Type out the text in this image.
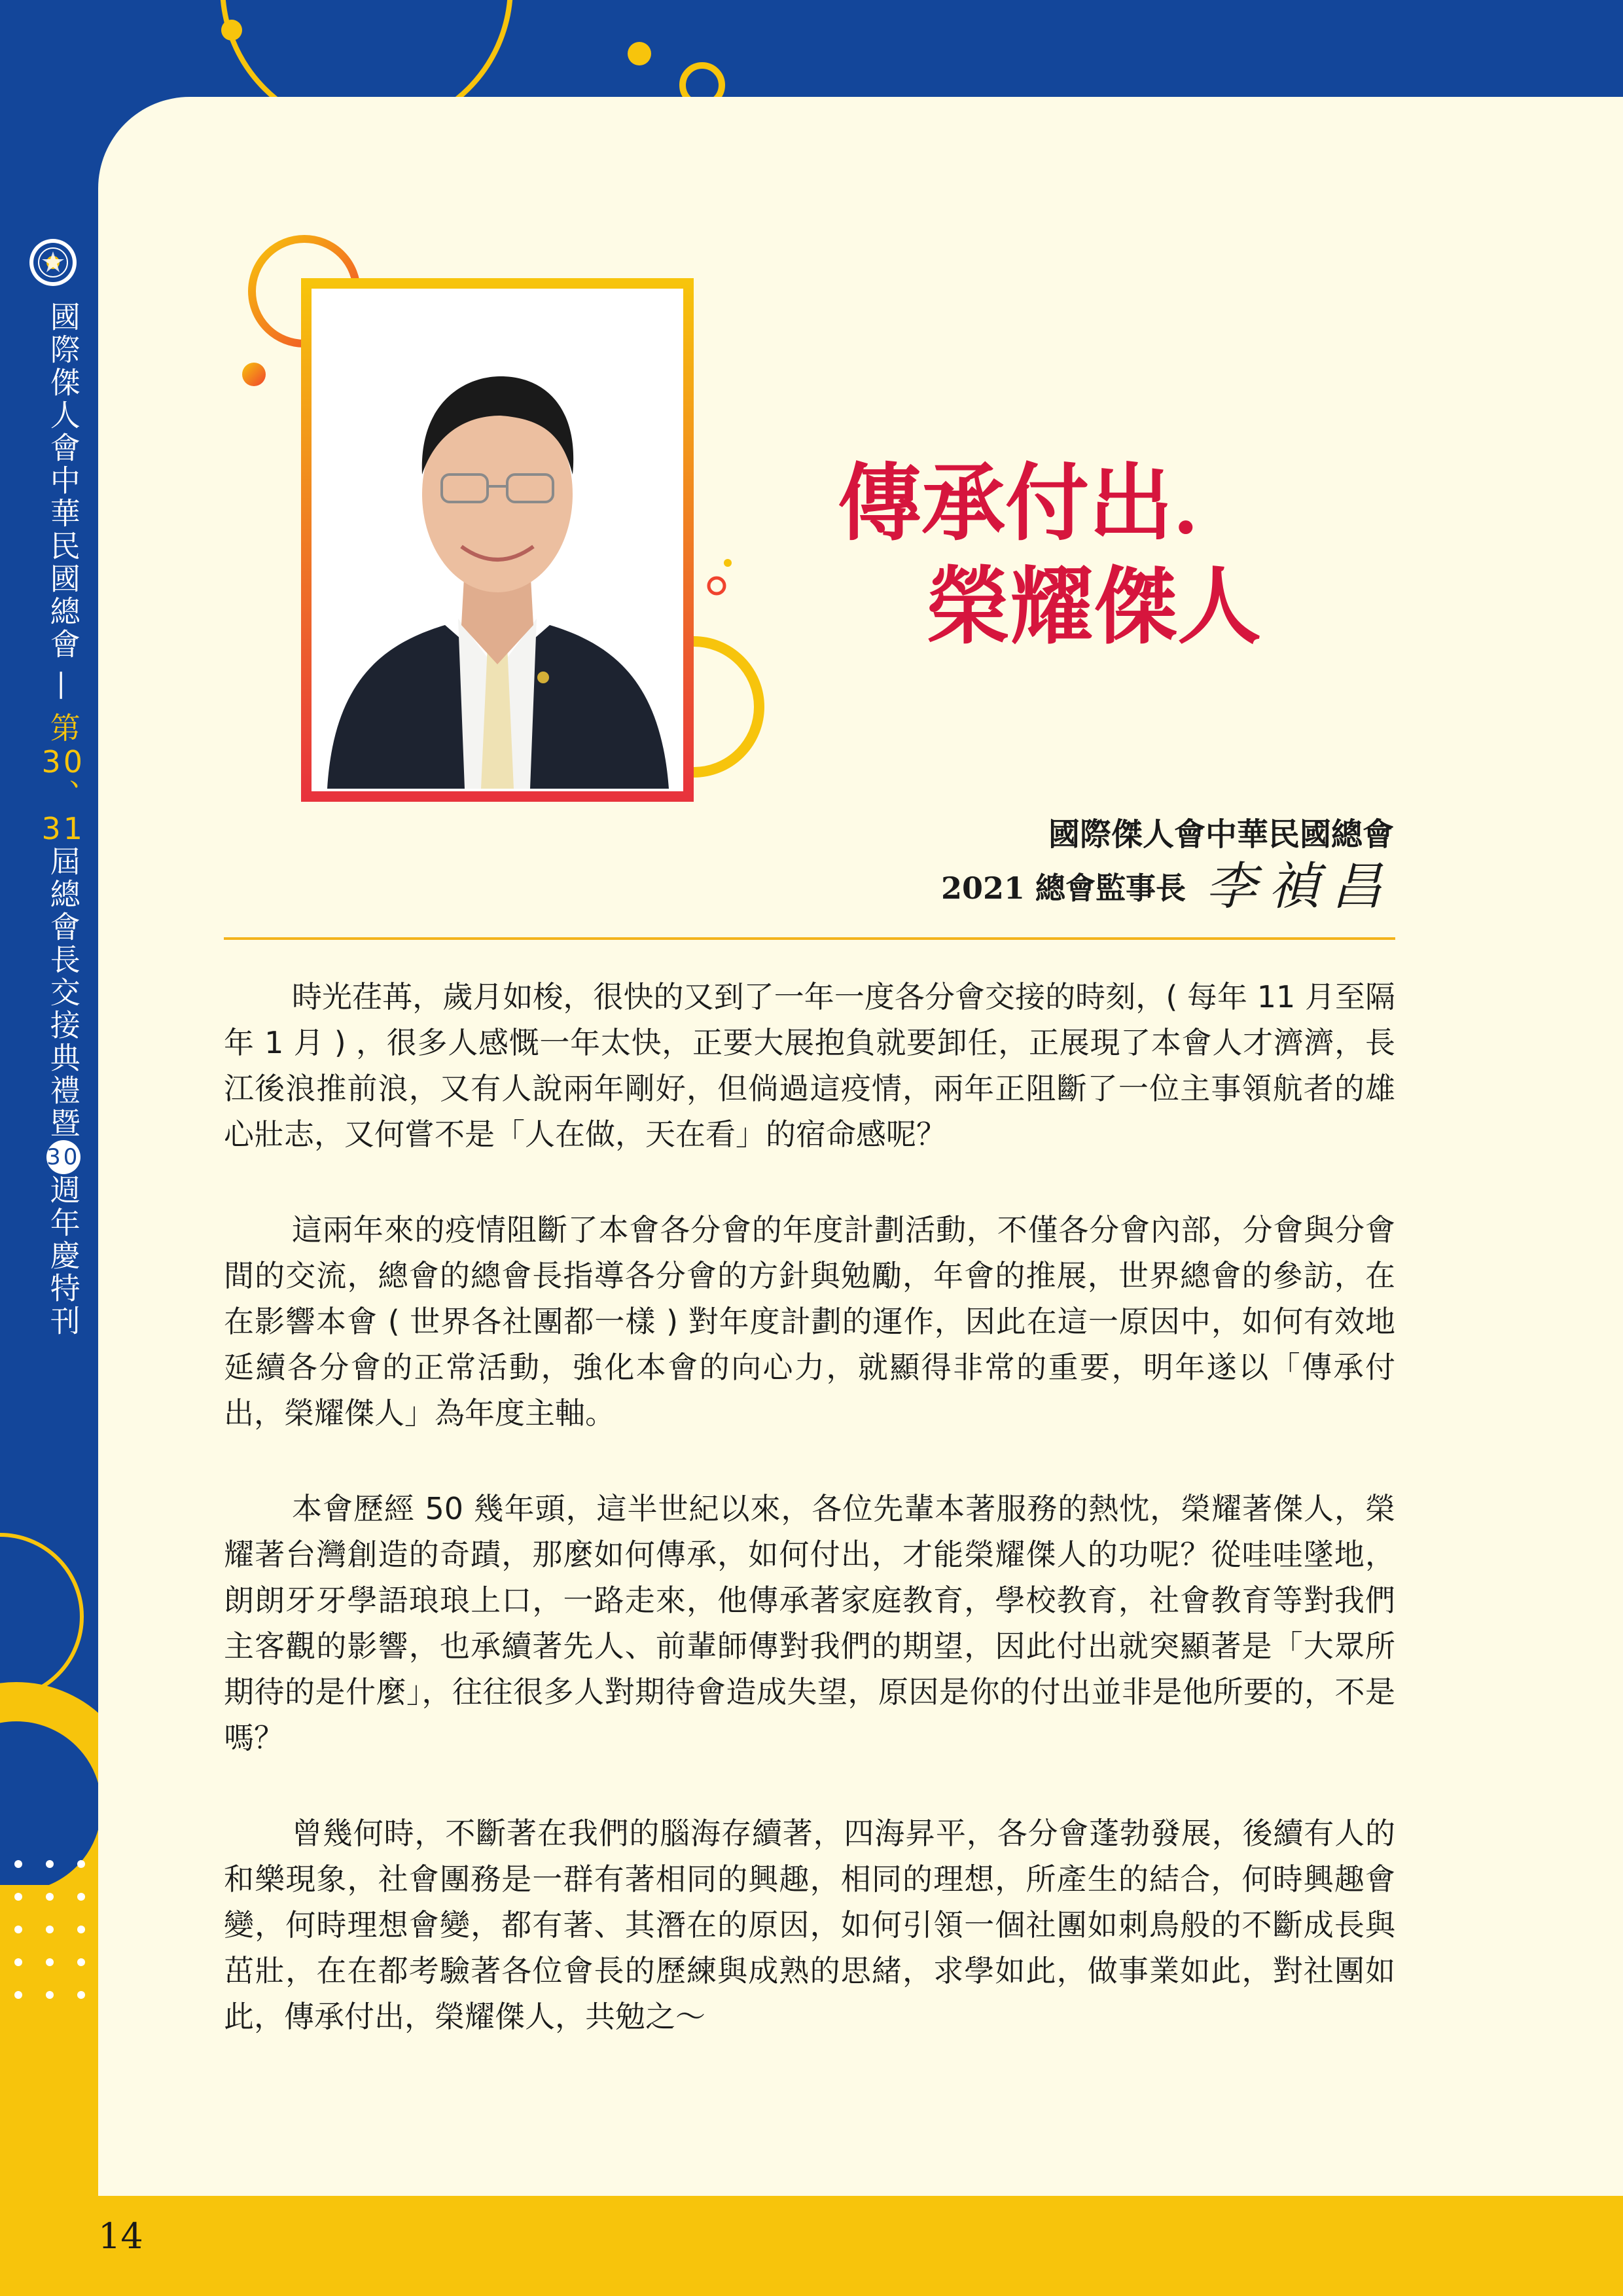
國際傑人會中華民國總會—第30、31屆總會長交接典禮暨30週年慶特刊
傳承付出．
榮耀傑人
國際傑人會中華民國總會
2021 總會監事長 李禎昌

時光荏苒，歲月如梭，很快的又到了一年一度各分會交接的時刻，( 每年 11 月至隔年 1 月 ) ，很多人感慨一年太快，正要大展抱負就要卸任，正展現了本會人才濟濟，長江後浪推前浪，又有人說兩年剛好，但倘過這疫情，兩年正阻斷了一位主事領航者的雄心壯志，又何嘗不是「人在做，天在看」的宿命感呢？

這兩年來的疫情阻斷了本會各分會的年度計劃活動，不僅各分會內部，分會與分會間的交流，總會的總會長指導各分會的方針與勉勵，年會的推展，世界總會的參訪，在在影響本會 ( 世界各社團都一樣 ) 對年度計劃的運作，因此在這一原因中，如何有效地延續各分會的正常活動，強化本會的向心力，就顯得非常的重要，明年遂以「傳承付出，榮耀傑人」為年度主軸。

本會歷經 50 幾年頭，這半世紀以來，各位先輩本著服務的熱忱，榮耀著傑人，榮耀著台灣創造的奇蹟，那麼如何傳承，如何付出，才能榮耀傑人的功呢？從哇哇墜地，朗朗牙牙學語琅琅上口，一路走來，他傳承著家庭教育，學校教育，社會教育等對我們主客觀的影響，也承續著先人、前輩師傳對我們的期望，因此付出就突顯著是「大眾所期待的是什麼」，往往很多人對期待會造成失望，原因是你的付出並非是他所要的，不是嗎？

曾幾何時，不斷著在我們的腦海存續著，四海昇平，各分會蓬勃發展，後續有人的和樂現象，社會團務是一群有著相同的興趣，相同的理想，所產生的結合，何時興趣會變，何時理想會變，都有著、其潛在的原因，如何引領一個社團如刺鳥般的不斷成長與茁壯，在在都考驗著各位會長的歷練與成熟的思緒，求學如此，做事業如此，對社團如此，傳承付出，榮耀傑人，共勉之～

14
